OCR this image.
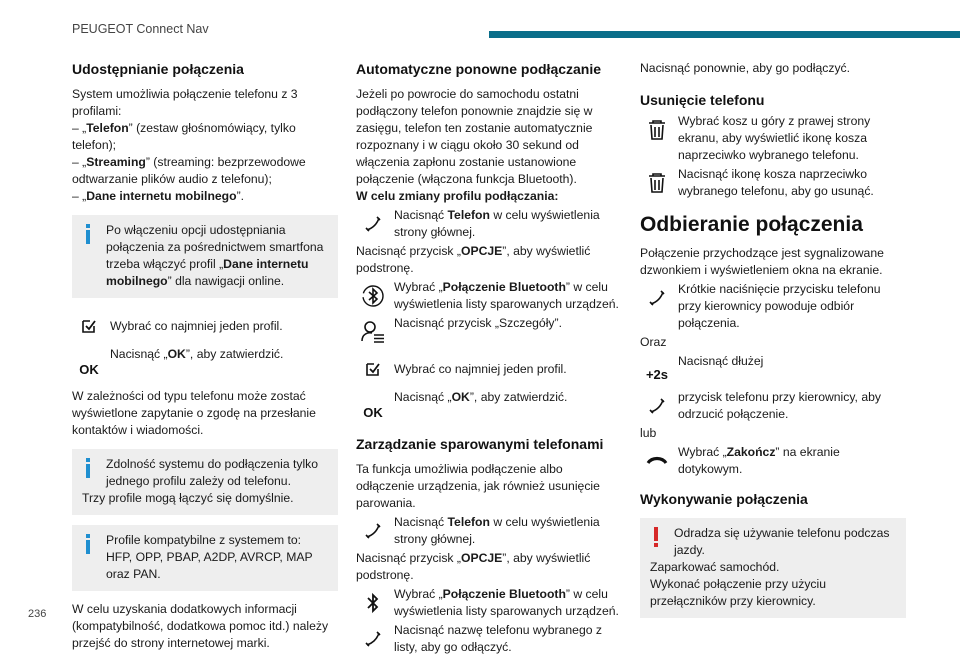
PEUGEOT Connect Nav
Udostępnianie połączenia
System umożliwia połączenie telefonu z 3 profilami:
– „Telefon” (zestaw głośnomówiący, tylko telefon);
– „Streaming” (streaming: bezprzewodowe odtwarzanie plików audio z telefonu);
– „Dane internetu mobilnego”.
Po włączeniu opcji udostępniania połączenia za pośrednictwem smartfona trzeba włączyć profil „Dane internetu mobilnego” dla nawigacji online.
Wybrać co najmniej jeden profil.
OK
Nacisnąć „OK”, aby zatwierdzić.
W zależności od typu telefonu może zostać wyświetlone zapytanie o zgodę na przesłanie kontaktów i wiadomości.
Zdolność systemu do podłączenia tylko jednego profilu zależy od telefonu.
Trzy profile mogą łączyć się domyślnie.
Profile kompatybilne z systemem to: HFP, OPP, PBAP, A2DP, AVRCP, MAP oraz PAN.
W celu uzyskania dodatkowych informacji (kompatybilność, dodatkowa pomoc itd.) należy przejść do strony internetowej marki.
Automatyczne ponowne podłączanie
Jeżeli po powrocie do samochodu ostatni podłączony telefon ponownie znajdzie się w zasięgu, telefon ten zostanie automatycznie rozpoznany i w ciągu około 30 sekund od włączenia zapłonu zostanie ustanowione połączenie (włączona funkcja Bluetooth).
W celu zmiany profilu podłączania:
Nacisnąć Telefon w celu wyświetlenia strony głównej.
Nacisnąć przycisk „OPCJE”, aby wyświetlić podstronę.
Wybrać „Połączenie Bluetooth” w celu wyświetlenia listy sparowanych urządzeń.
Nacisnąć przycisk „Szczegóły”.
Wybrać co najmniej jeden profil.
OK
Nacisnąć „OK”, aby zatwierdzić.
Zarządzanie sparowanymi telefonami
Ta funkcja umożliwia podłączenie albo odłączenie urządzenia, jak również usunięcie parowania.
Nacisnąć Telefon w celu wyświetlenia strony głównej.
Nacisnąć przycisk „OPCJE”, aby wyświetlić podstronę.
Wybrać „Połączenie Bluetooth” w celu wyświetlenia listy sparowanych urządzeń.
Nacisnąć nazwę telefonu wybranego z listy, aby go odłączyć.
Nacisnąć ponownie, aby go podłączyć.
Usunięcie telefonu
Wybrać kosz u góry z prawej strony ekranu, aby wyświetlić ikonę kosza naprzeciwko wybranego telefonu.
Nacisnąć ikonę kosza naprzeciwko wybranego telefonu, aby go usunąć.
Odbieranie połączenia
Połączenie przychodzące jest sygnalizowane dzwonkiem i wyświetleniem okna na ekranie.
Krótkie naciśnięcie przycisku telefonu przy kierownicy powoduje odbiór połączenia.
Oraz
+2s
Nacisnąć dłużej
przycisk telefonu przy kierownicy, aby odrzucić połączenie.
lub
Wybrać „Zakończ” na ekranie dotykowym.
Wykonywanie połączenia
Odradza się używanie telefonu podczas jazdy.
Zaparkować samochód.
Wykonać połączenie przy użyciu przełączników przy kierownicy.
236
